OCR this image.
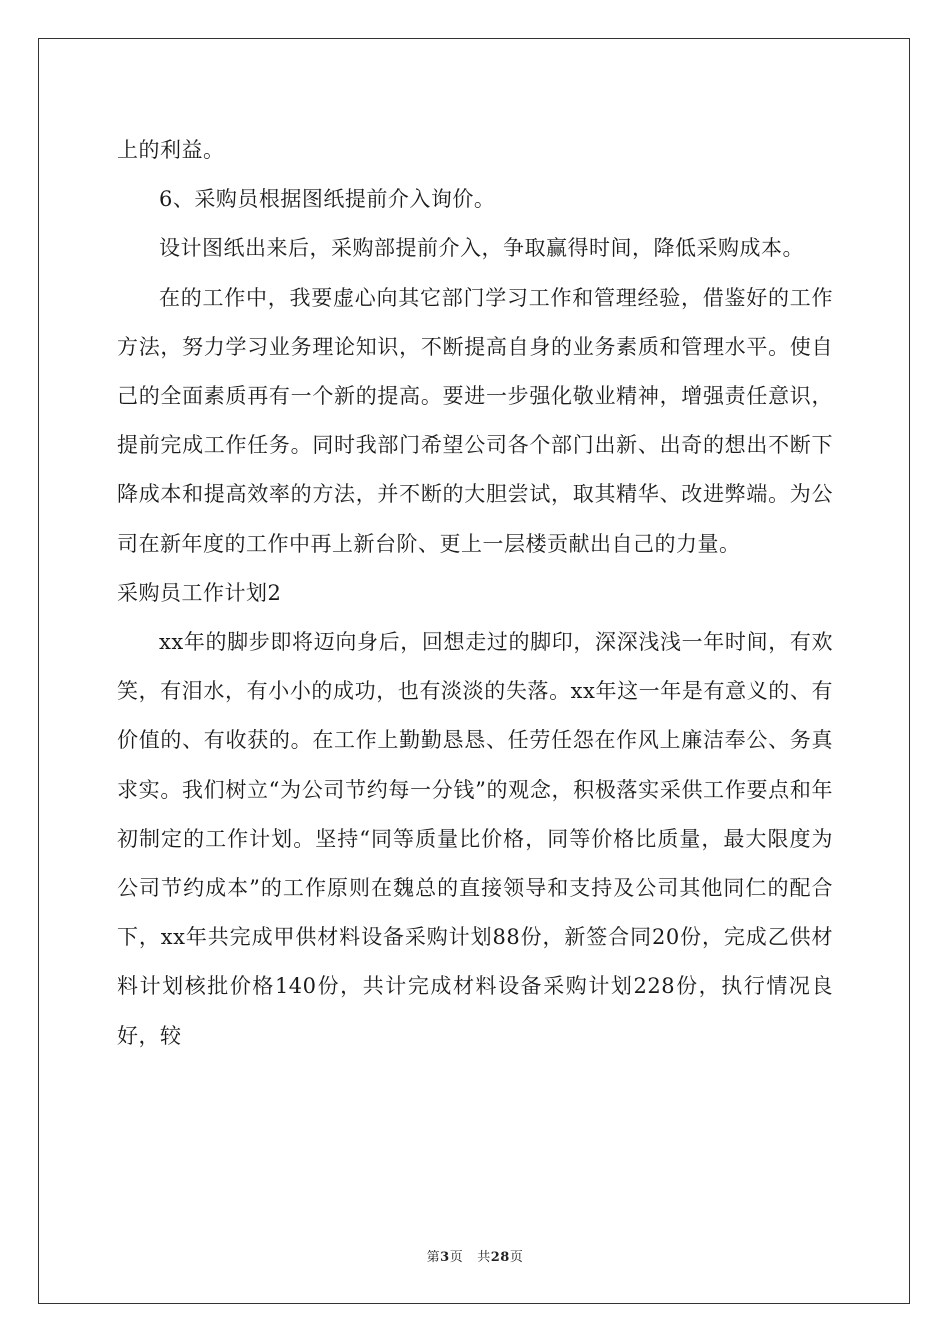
上的利益。

6、采购员根据图纸提前介入询价。

设计图纸出来后，采购部提前介入，争取赢得时间，降低采购成本。

在的工作中，我要虚心向其它部门学习工作和管理经验，借鉴好的工作方法，努力学习业务理论知识，不断提高自身的业务素质和管理水平。使自己的全面素质再有一个新的提高。要进一步强化敬业精神，增强责任意识，提前完成工作任务。同时我部门希望公司各个部门出新、出奇的想出不断下降成本和提高效率的方法，并不断的大胆尝试，取其精华、改进弊端。为公司在新年度的工作中再上新台阶、更上一层楼贡献出自己的力量。

采购员工作计划2

xx年的脚步即将迈向身后，回想走过的脚印，深深浅浅一年时间，有欢笑，有泪水，有小小的成功，也有淡淡的失落。xx年这一年是有意义的、有价值的、有收获的。在工作上勤勤恳恳、任劳任怨在作风上廉洁奉公、务真求实。我们树立“为公司节约每一分钱”的观念，积极落实采供工作要点和年初制定的工作计划。坚持“同等质量比价格，同等价格比质量，最大限度为公司节约成本”的工作原则在魏总的直接领导和支持及公司其他同仁的配合下，xx年共完成甲供材料设备采购计划88份，新签合同20份，完成乙供材料计划核批价格140份，共计完成材料设备采购计划228份，执行情况良好，较

第3页 共28页
